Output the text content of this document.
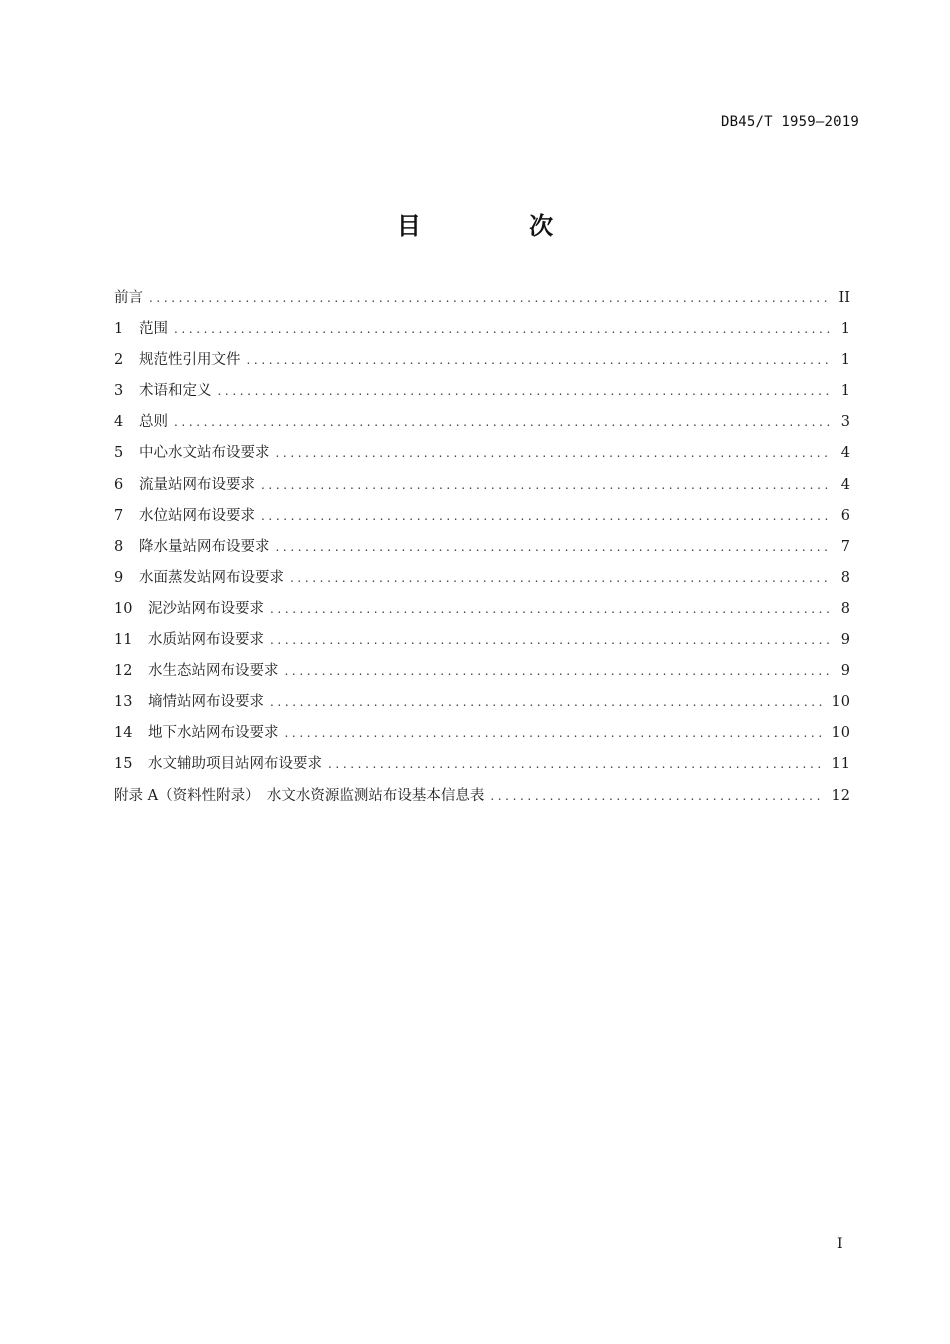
DB45/T 1959—2019
目 次
前言 .....	II
1	范围 .....	1
2	规范性引用文件 .....	1
3	术语和定义 .....	1
4	总则 .....	3
5	中心水文站布设要求 .....	4
6	流量站网布设要求 .....	4
7	水位站网布设要求 .....	6
8	降水量站网布设要求 .....	7
9	水面蒸发站网布设要求 .....	8
10	泥沙站网布设要求 .....	8
11	水质站网布设要求 .....	9
12	水生态站网布设要求 .....	9
13	墒情站网布设要求 .....	10
14	地下水站网布设要求 .....	10
15	水文辅助项目站网布设要求 .....	11
附录 A（资料性附录）　水文水资源监测站布设基本信息表 .....	12
I
